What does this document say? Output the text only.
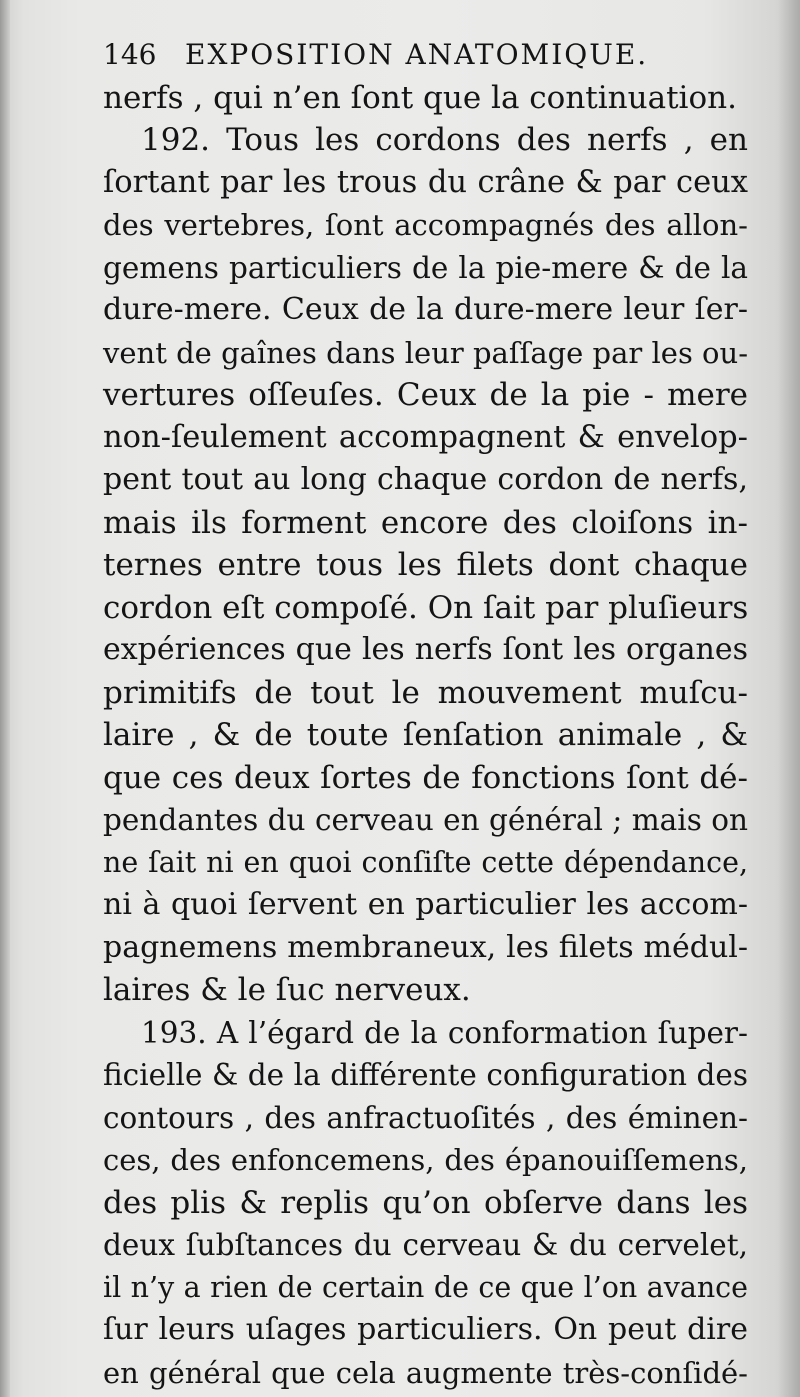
146 EXPOSITION ANATOMIQUE.
nerfs , qui n’en ſont que la continuation.
192. Tous les cordons des nerfs , en
ſortant par les trous du crâne & par ceux
des vertebres, ſont accompagnés des allon-
gemens particuliers de la pie-mere & de la
dure-mere. Ceux de la dure-mere leur ſer-
vent de gaînes dans leur paſſage par les ou-
vertures oſſeuſes. Ceux de la pie - mere
non-ſeulement accompagnent & envelop-
pent tout au long chaque cordon de nerfs,
mais ils forment encore des cloiſons in-
ternes entre tous les filets dont chaque
cordon eſt compoſé. On ſait par pluſieurs
expériences que les nerfs ſont les organes
primitifs de tout le mouvement muſcu-
laire , & de toute ſenſation animale , &
que ces deux ſortes de fonctions ſont dé-
pendantes du cerveau en général ; mais on
ne ſait ni en quoi conſiſte cette dépendance,
ni à quoi ſervent en particulier les accom-
pagnemens membraneux, les filets médul-
laires & le ſuc nerveux.
193. A l’égard de la conformation ſuper-
ficielle & de la différente configuration des
contours , des anfractuoſités , des éminen-
ces, des enfoncemens, des épanouiſſemens,
des plis & replis qu’on obſerve dans les
deux ſubſtances du cerveau & du cervelet,
il n’y a rien de certain de ce que l’on avance
ſur leurs uſages particuliers. On peut dire
en général que cela augmente très-conſidé-
